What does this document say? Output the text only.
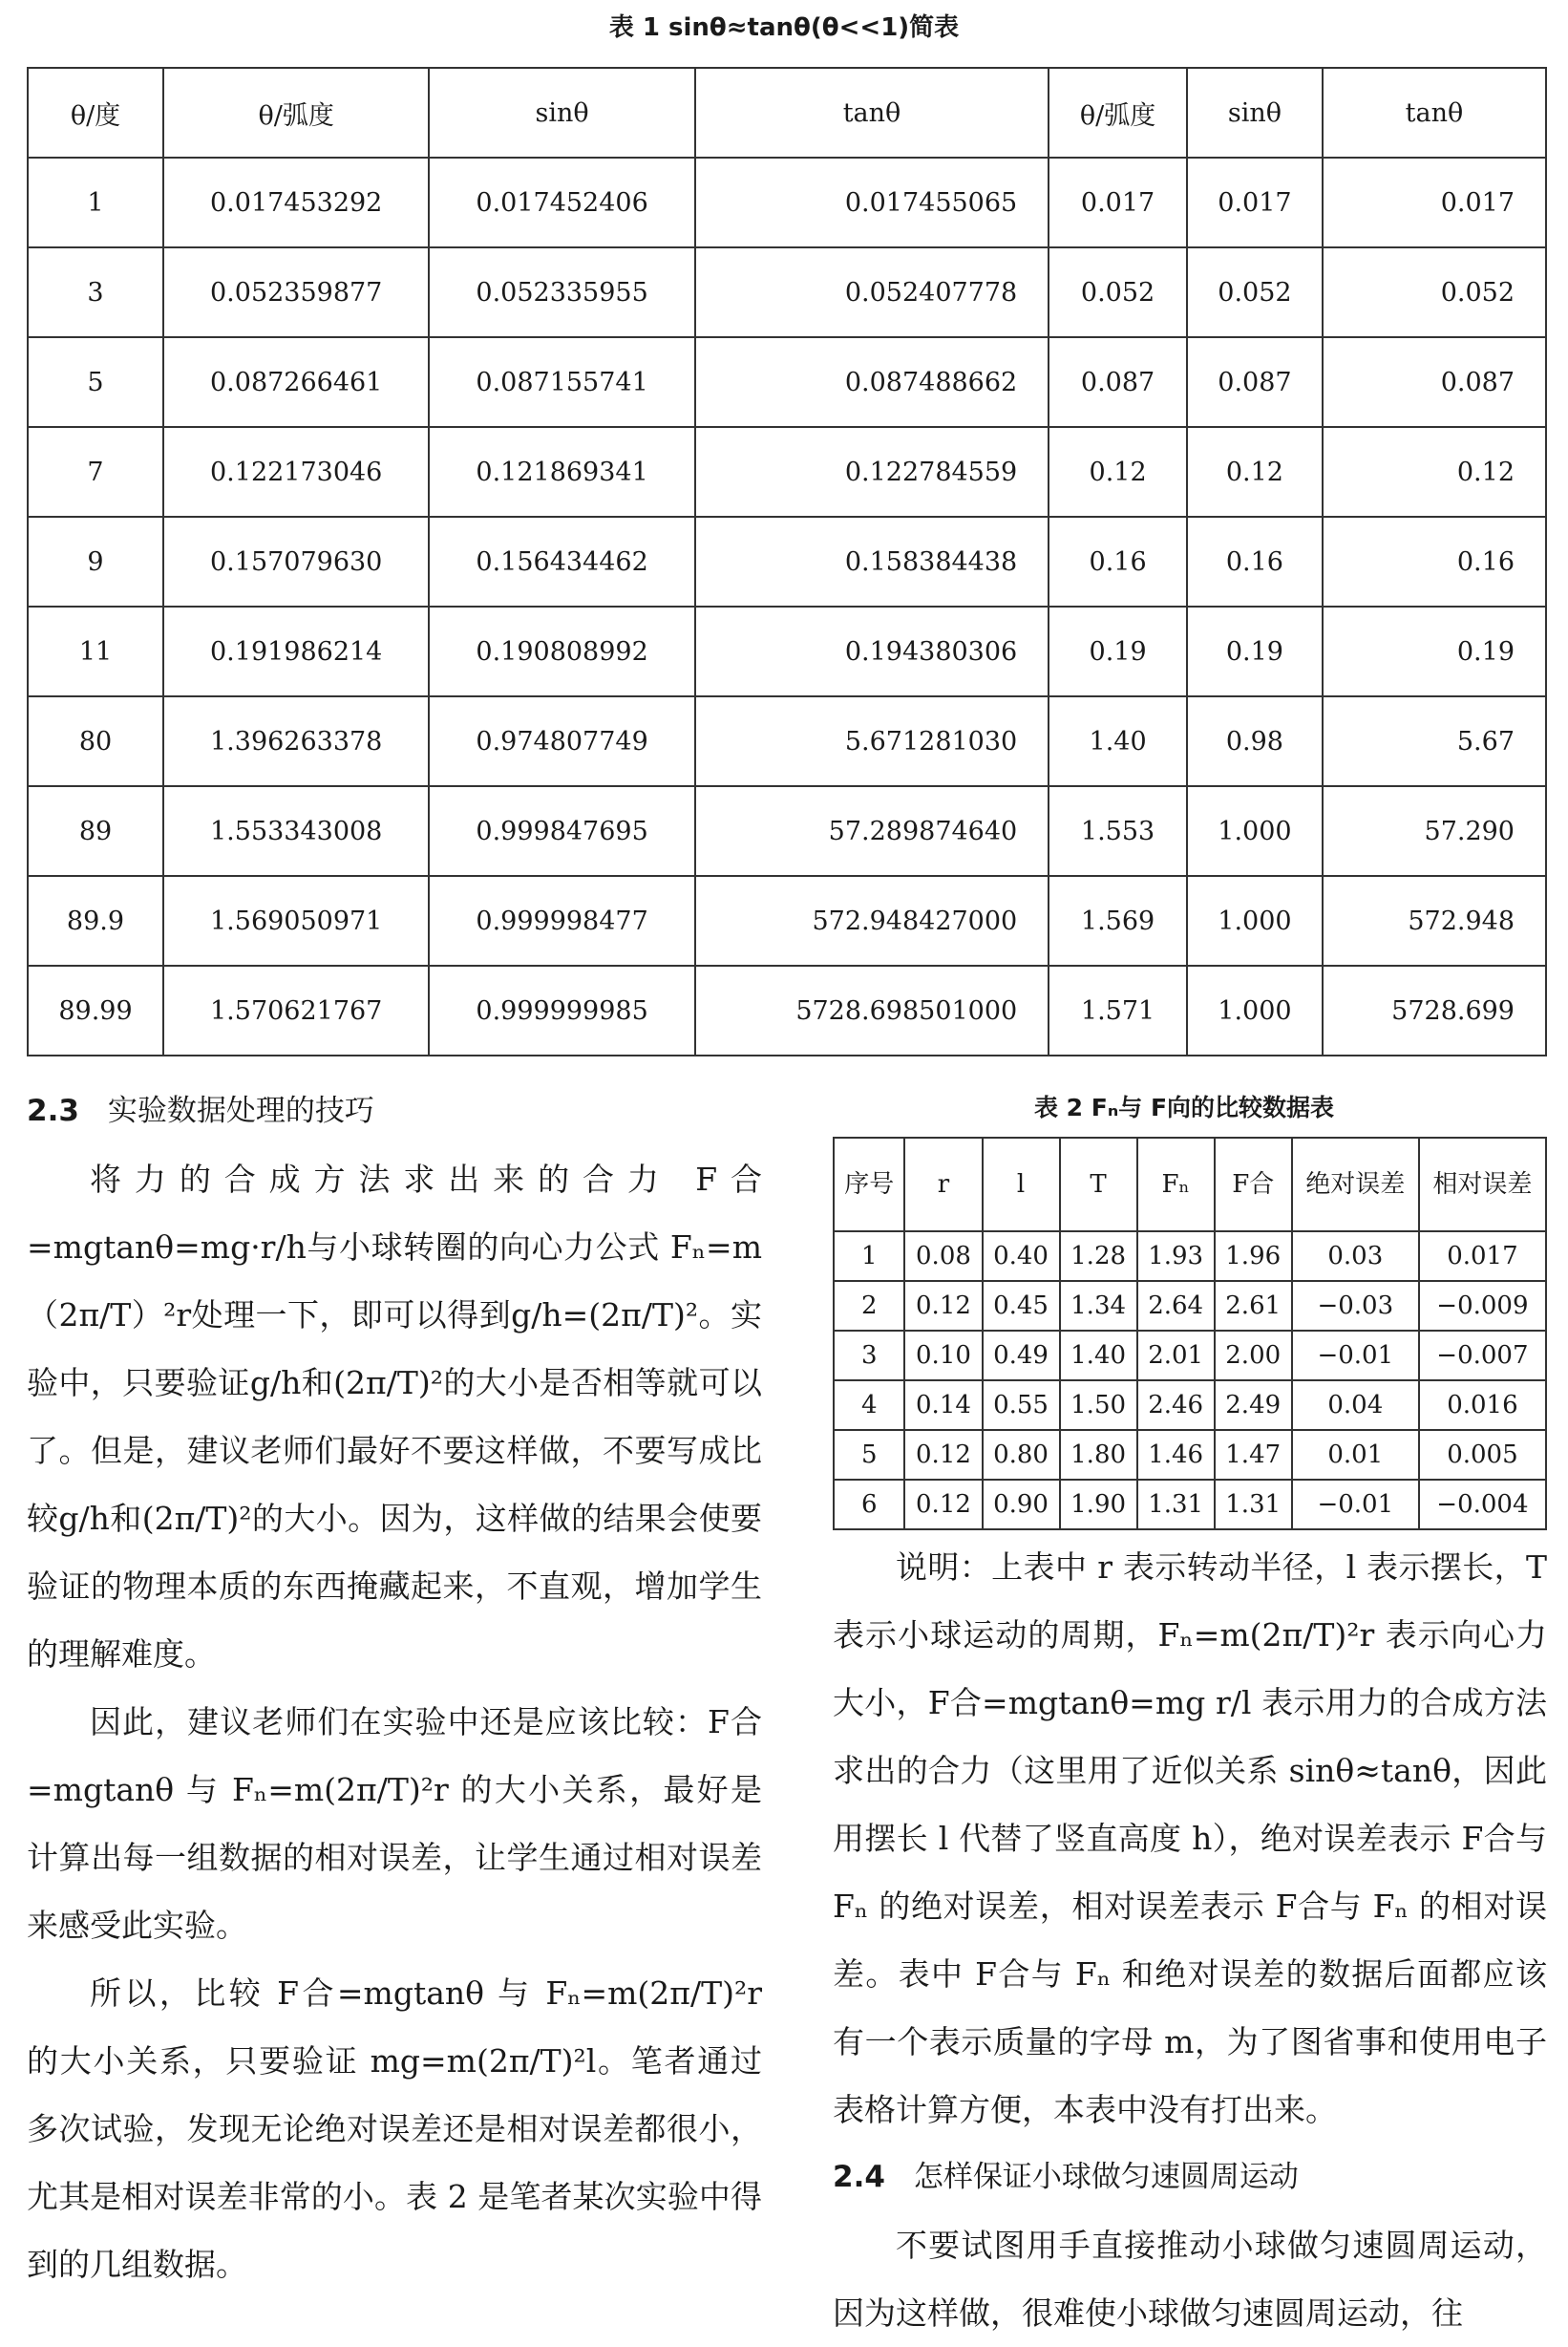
表 1 sinθ≈tanθ(θ<<1)简表
θ/度	θ/弧度	sinθ	tanθ	θ/弧度	sinθ	tanθ
1	0.017453292	0.017452406	0.017455065	0.017	0.017	0.017
3	0.052359877	0.052335955	0.052407778	0.052	0.052	0.052
5	0.087266461	0.087155741	0.087488662	0.087	0.087	0.087
7	0.122173046	0.121869341	0.122784559	0.12	0.12	0.12
9	0.157079630	0.156434462	0.158384438	0.16	0.16	0.16
11	0.191986214	0.190808992	0.194380306	0.19	0.19	0.19
80	1.396263378	0.974807749	5.671281030	1.40	0.98	5.67
89	1.553343008	0.999847695	57.289874640	1.553	1.000	57.290
89.9	1.569050971	0.999998477	572.948427000	1.569	1.000	572.948
89.99	1.570621767	0.999999985	5728.698501000	1.571	1.000	5728.699

2.3 实验数据处理的技巧

将力的合成方法求出来的合力 F合=mgtanθ=mg·r/h与小球转圈的向心力公式 Fₙ=m（2π/T）²r处理一下，即可以得到g/h=(2π/T)²。实验中，只要验证g/h和(2π/T)²的大小是否相等就可以了。但是，建议老师们最好不要这样做，不要写成比较g/h和(2π/T)²的大小。因为，这样做的结果会使要验证的物理本质的东西掩藏起来，不直观，增加学生的理解难度。

因此，建议老师们在实验中还是应该比较：F合=mgtanθ 与 Fₙ=m(2π/T)²r 的大小关系，最好是计算出每一组数据的相对误差，让学生通过相对误差来感受此实验。

所以，比较 F合=mgtanθ 与 Fₙ=m(2π/T)²r 的大小关系，只要验证 mg=m(2π/T)²l。笔者通过多次试验，发现无论绝对误差还是相对误差都很小，尤其是相对误差非常的小。表 2 是笔者某次实验中得到的几组数据。

表 2 Fₙ与 F向的比较数据表
序号	r	l	T	Fₙ	F合	绝对误差	相对误差
1	0.08	0.40	1.28	1.93	1.96	0.03	0.017
2	0.12	0.45	1.34	2.64	2.61	−0.03	−0.009
3	0.10	0.49	1.40	2.01	2.00	−0.01	−0.007
4	0.14	0.55	1.50	2.46	2.49	0.04	0.016
5	0.12	0.80	1.80	1.46	1.47	0.01	0.005
6	0.12	0.90	1.90	1.31	1.31	−0.01	−0.004

说明：上表中 r 表示转动半径，l 表示摆长，T表示小球运动的周期，Fₙ=m(2π/T)²r 表示向心力大小，F合=mgtanθ=mg r/l 表示用力的合成方法求出的合力（这里用了近似关系 sinθ≈tanθ，因此用摆长 l 代替了竖直高度 h），绝对误差表示 F合与 Fₙ 的绝对误差，相对误差表示 F合与 Fₙ 的相对误差。表中 F合与 Fₙ 和绝对误差的数据后面都应该有一个表示质量的字母 m，为了图省事和使用电子表格计算方便，本表中没有打出来。

2.4 怎样保证小球做匀速圆周运动

不要试图用手直接推动小球做匀速圆周运动，因为这样做，很难使小球做匀速圆周运动，往
